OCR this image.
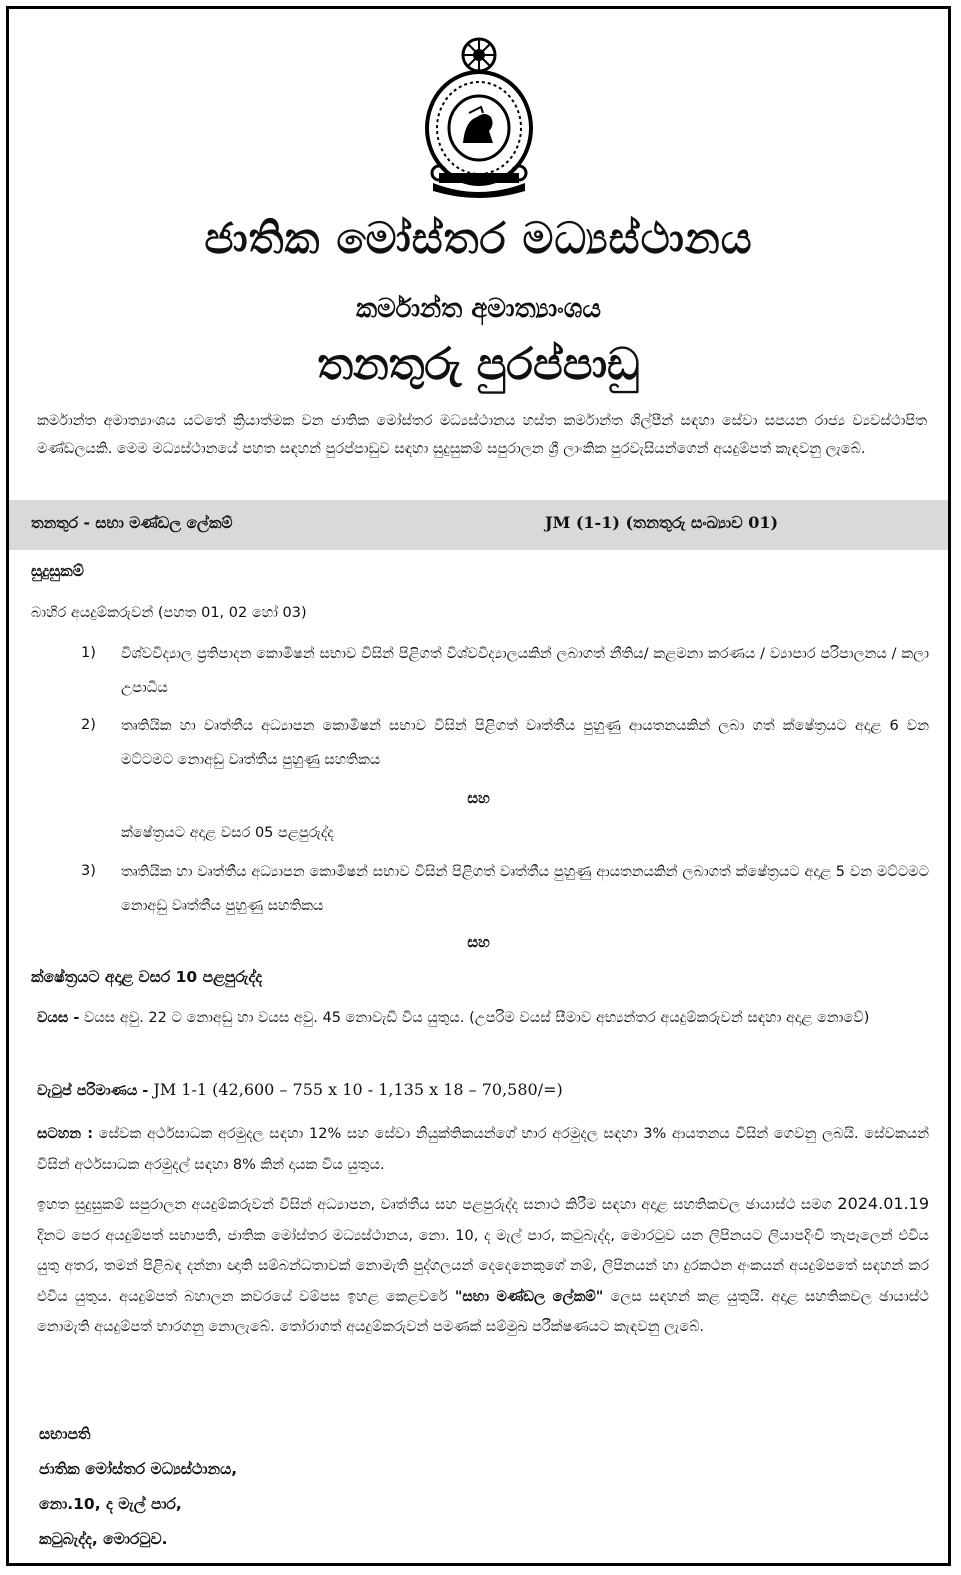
ජාතික මෝස්තර මධ්‍යස්ථානය
කර්මාන්ත අමාත්‍යාංශය
තනතුරු පුරප්පාඩු
කර්මාන්ත අමාත්‍යාංශය යටතේ ක්‍රියාත්මක වන ජාතික මෝස්තර මධ්‍යස්ථානය හස්ත කර්මාන්ත ශිල්පීන් සඳහා සේවා සපයන රාජ්‍ය ව්‍යවස්ථාපිත මණ්ඩලයකි. මෙම මධ්‍යස්ථානයේ පහත සඳහන් පුරප්පාඩුව සඳහා සුදුසුකම් සපුරාලන ශ්‍රී ලාංකික පුරවැසියන්ගෙන් අයදුම්පත් කැඳවනු ලැබේ.
තනතුර - සභා මණ්ඩල ලේකම්	JM (1-1) (තනතුරු සංඛ්‍යාව 01)
සුදුසුකම්
බාහිර අයදුම්කරුවන් (පහත 01, 02 හෝ 03)
1) විශ්වවිද්‍යාල ප්‍රතිපාදන කොමිෂන් සභාව විසින් පිළිගත් විශ්වවිද්‍යාලයකින් ලබාගත් නීතිය/ කළමනා කරණය / ව්‍යාපාර පරිපාලනය / කලා උපාධිය
2) තෘතියික හා වෘත්තීය අධ්‍යාපන කොමිෂන් සභාව විසින් පිළිගත් වෘත්තීය පුහුණු ආයතනයකින් ලබා ගත් ක්ෂේත්‍රයට අදාළ 6 වන මට්ටමට නොඅඩු වෘත්තීය පුහුණු සහතිකය
සහ
ක්ෂේත්‍රයට අදාළ වසර 05 පළපුරුද්ද
3) තෘතියික හා වෘත්තීය අධ්‍යාපන කොමිෂන් සභාව විසින් පිළිගත් වෘත්තීය පුහුණු ආයතනයකින් ලබාගත් ක්ෂේත්‍රයට අදාළ 5 වන මට්ටමට නොඅඩු වෘත්තීය පුහුණු සහතිකය
සහ
ක්ෂේත්‍රයට අදාළ වසර 10 පළපුරුද්ද
වයස - වයස අවු. 22 ට නොඅඩු හා වයස අවු. 45 නොවැඩි විය යුතුය. (උපරිම වයස් සීමාව අභ්‍යන්තර අයදුම්කරුවන් සඳහා අදාළ නොවේ)
වැටුප් පරිමාණය - JM 1-1 (42,600 – 755 x 10 - 1,135 x 18 – 70,580/=)
සටහන : සේවක අර්ථසාධක අරමුදල සඳහා 12% සහ සේවා නියුක්තිකයන්ගේ භාර අරමුදල සඳහා 3% ආයතනය විසින් ගෙවනු ලබයි. සේවකයන් විසින් අර්ථසාධක අරමුදල් සඳහා 8% කින් දායක විය යුතුය.
ඉහත සුදුසුකම් සපුරාලන අයදුම්කරුවන් විසින් අධ්‍යාපන, වෘත්තීය සහ පළපුරුද්ද සනාථ කිරීම සඳහා අදාළ සහතිකවල ඡායාස්ථ සමග 2024.01.19 දිනට පෙර අයදුම්පත් සභාපති, ජාතික මෝස්තර මධ්‍යස්ථානය, නො. 10, ද මැල් පාර, කටුබැද්ද, මොරටුව යන ලිපිනයට ලියාපදිංචි තැපෑලෙන් එවිය යුතු අතර, තමන් පිළිබඳ දන්නා ඥාති සම්බන්ධතාවක් නොමැති පුද්ගලයන් දෙදෙනෙකුගේ නම්, ලිපිනයන් හා දුරකථන අංකයන් අයදුම්පතේ සඳහන් කර එවිය යුතුය. අයදුම්පත් බහාලන කවරයේ වම්පස ඉහළ කෙළවරේ "සභා මණ්ඩල ලේකම්" ලෙස සඳහන් කළ යුතුයි. අදාළ සහතිකවල ඡායාස්ථ නොමැති අයදුම්පත් භාරගනු නොලැබේ. තෝරාගත් අයදුම්කරුවන් පමණක් සම්මුඛ පරීක්ෂණයට කැඳවනු ලැබේ.
සභාපති
ජාතික මෝස්තර මධ්‍යස්ථානය,
නො.10, ද මැල් පාර,
කටුබැද්ද, මොරටුව.
